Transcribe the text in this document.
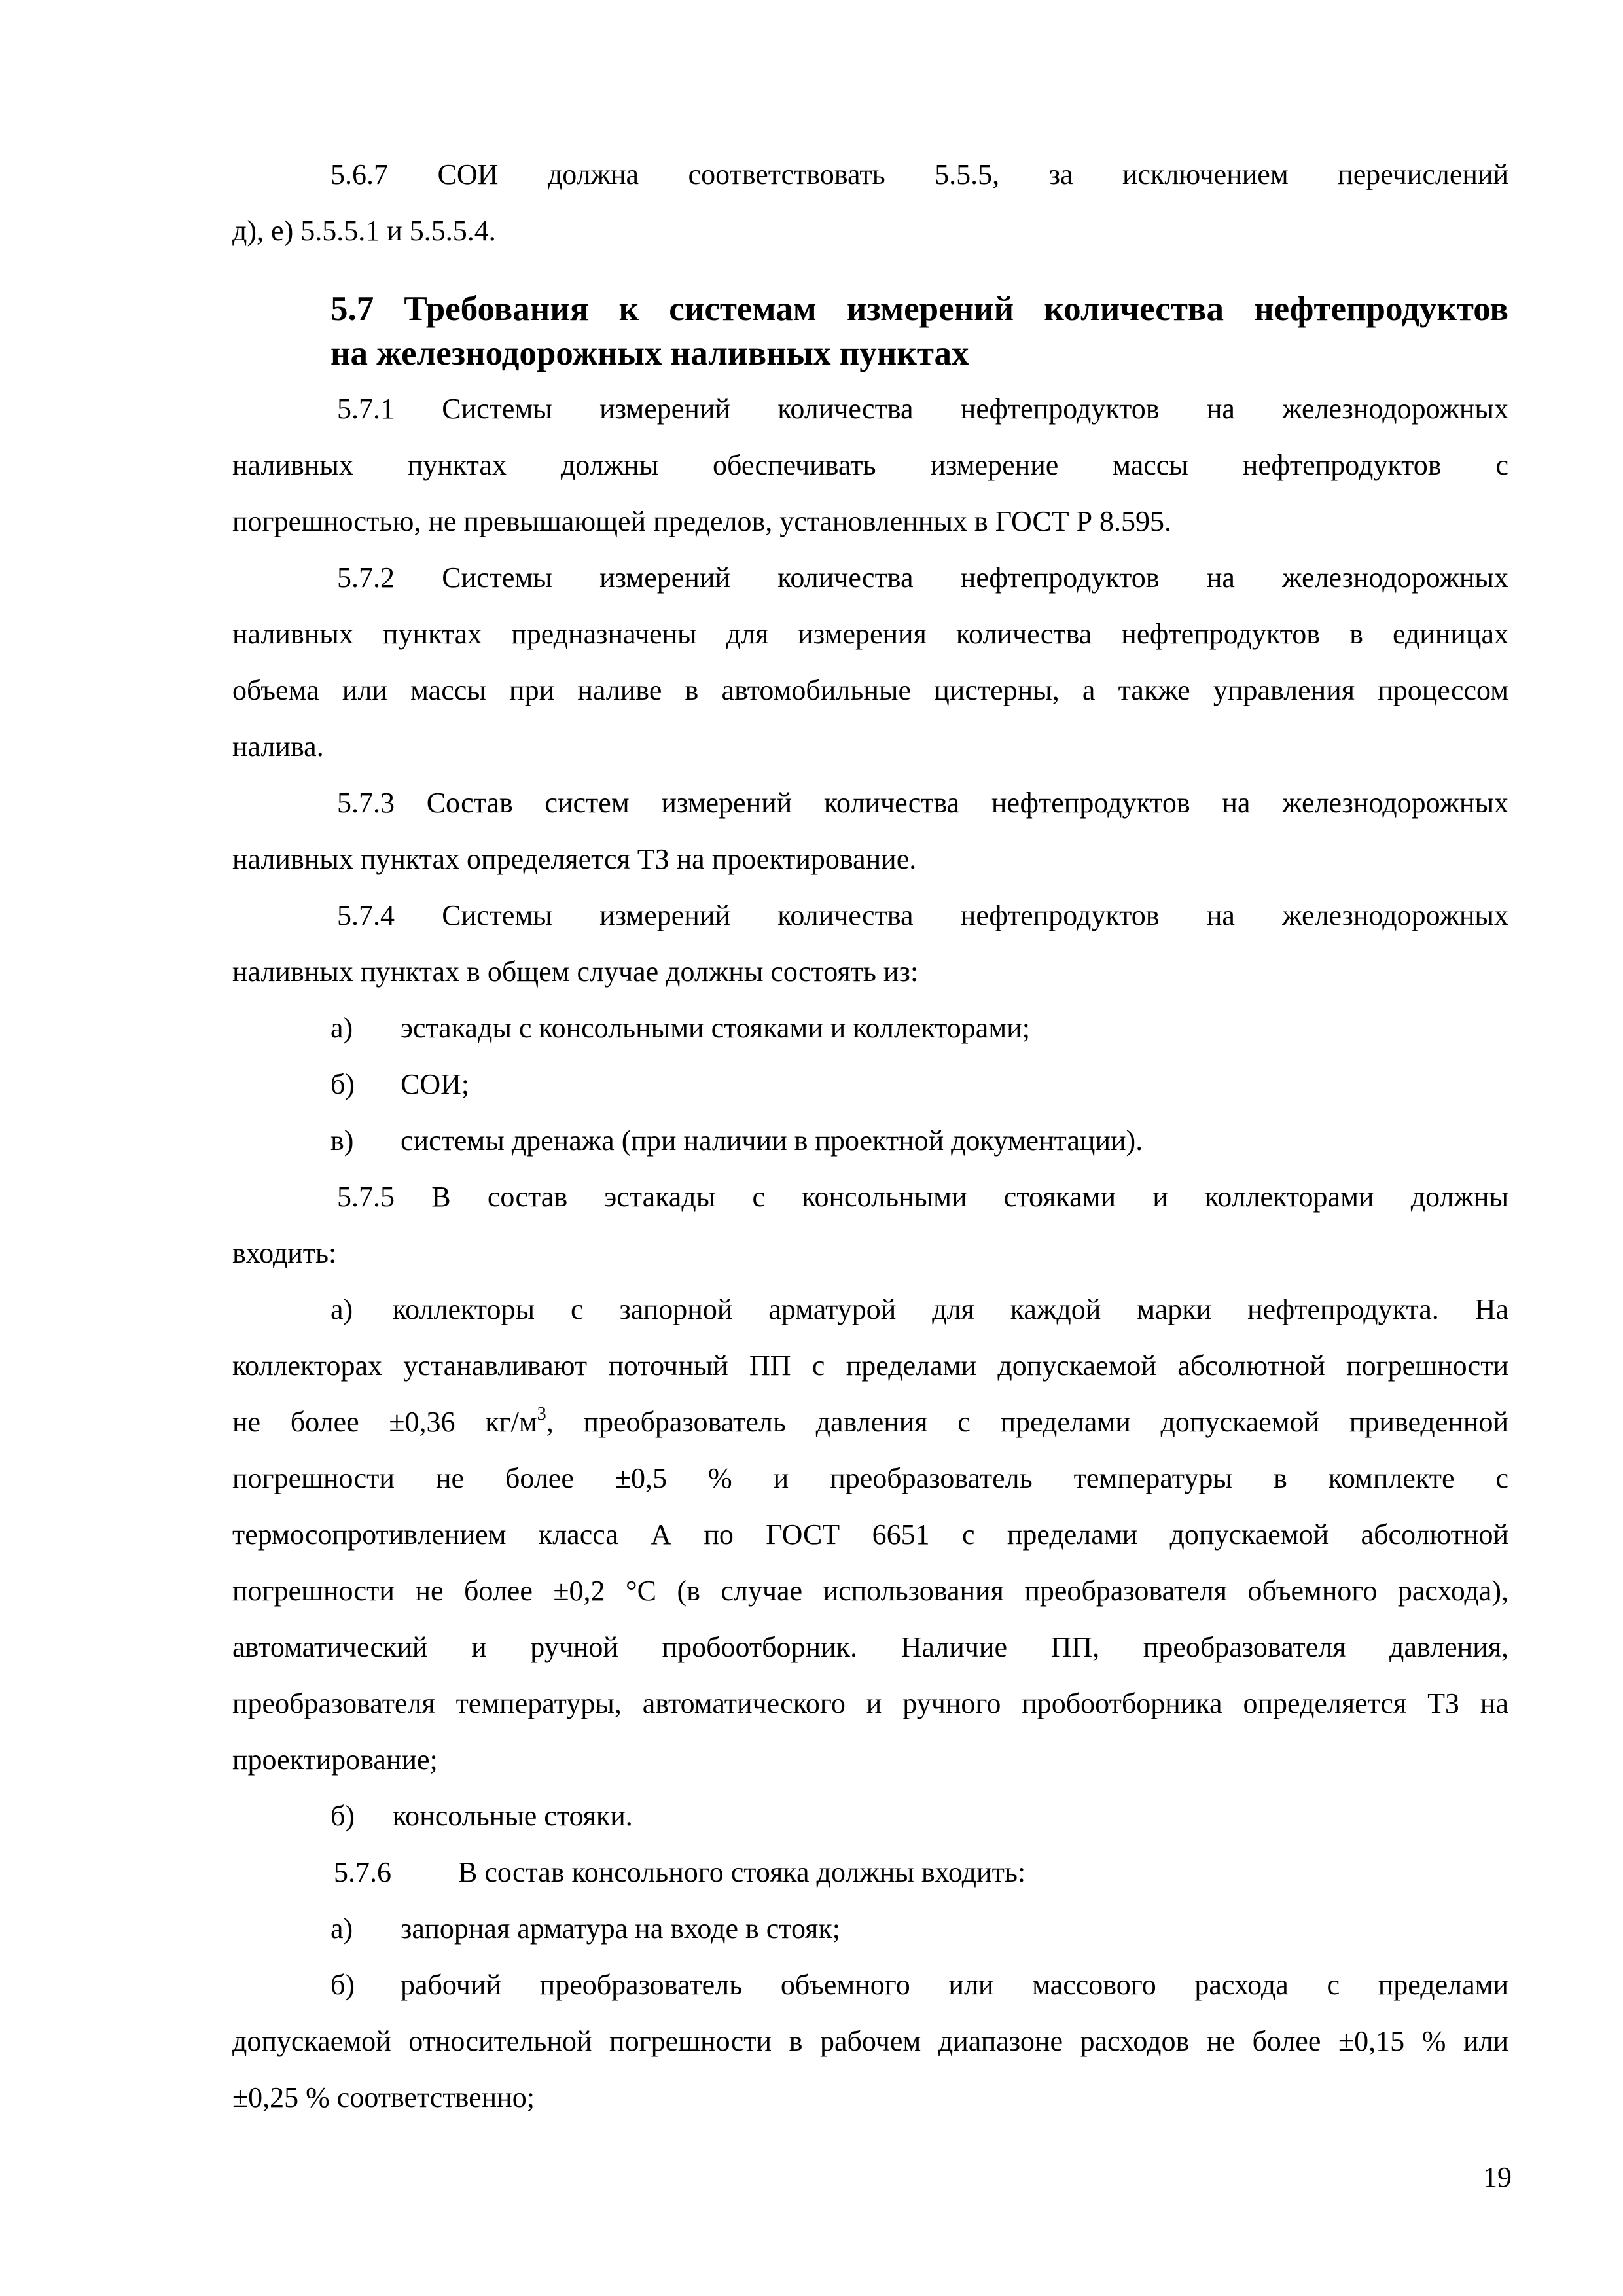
5.6.7 СОИ должна соответствовать 5.5.5, за исключением перечислений
д), е) 5.5.5.1 и 5.5.5.4.
5.7 Требования к системам измерений количества нефтепродуктов
на железнодорожных наливных пунктах
5.7.1 Системы измерений количества нефтепродуктов на железнодорожных
наливных пунктах должны обеспечивать измерение массы нефтепродуктов с
погрешностью, не превышающей пределов, установленных в ГОСТ Р 8.595.
5.7.2 Системы измерений количества нефтепродуктов на железнодорожных
наливных пунктах предназначены для измерения количества нефтепродуктов в единицах
объема или массы при наливе в автомобильные цистерны, а также управления процессом
налива.
5.7.3 Состав систем измерений количества нефтепродуктов на железнодорожных
наливных пунктах определяется ТЗ на проектирование.
5.7.4 Системы измерений количества нефтепродуктов на железнодорожных
наливных пунктах в общем случае должны состоять из:
а) эстакады с консольными стояками и коллекторами;
б) СОИ;
в) системы дренажа (при наличии в проектной документации).
5.7.5 В состав эстакады с консольными стояками и коллекторами должны
входить:
а) коллекторы с запорной арматурой для каждой марки нефтепродукта. На
коллекторах устанавливают поточный ПП с пределами допускаемой абсолютной погрешности
не более ±0,36 $кг/м^3$, преобразователь давления с пределами допускаемой приведенной
погрешности не более ±0,5 % и преобразователь температуры в комплекте с
термосопротивлением класса А по ГОСТ 6651 с пределами допускаемой абсолютной
погрешности не более ±0,2 °С (в случае использования преобразователя объемного расхода),
автоматический и ручной пробоотборник. Наличие ПП, преобразователя давления,
преобразователя температуры, автоматического и ручного пробоотборника определяется ТЗ на
проектирование;
б) консольные стояки.
5.7.6 В состав консольного стояка должны входить:
а) запорная арматура на входе в стояк;
б) рабочий преобразователь объемного или массового расхода с пределами
допускаемой относительной погрешности в рабочем диапазоне расходов не более ±0,15 % или
±0,25 % соответственно;
19
